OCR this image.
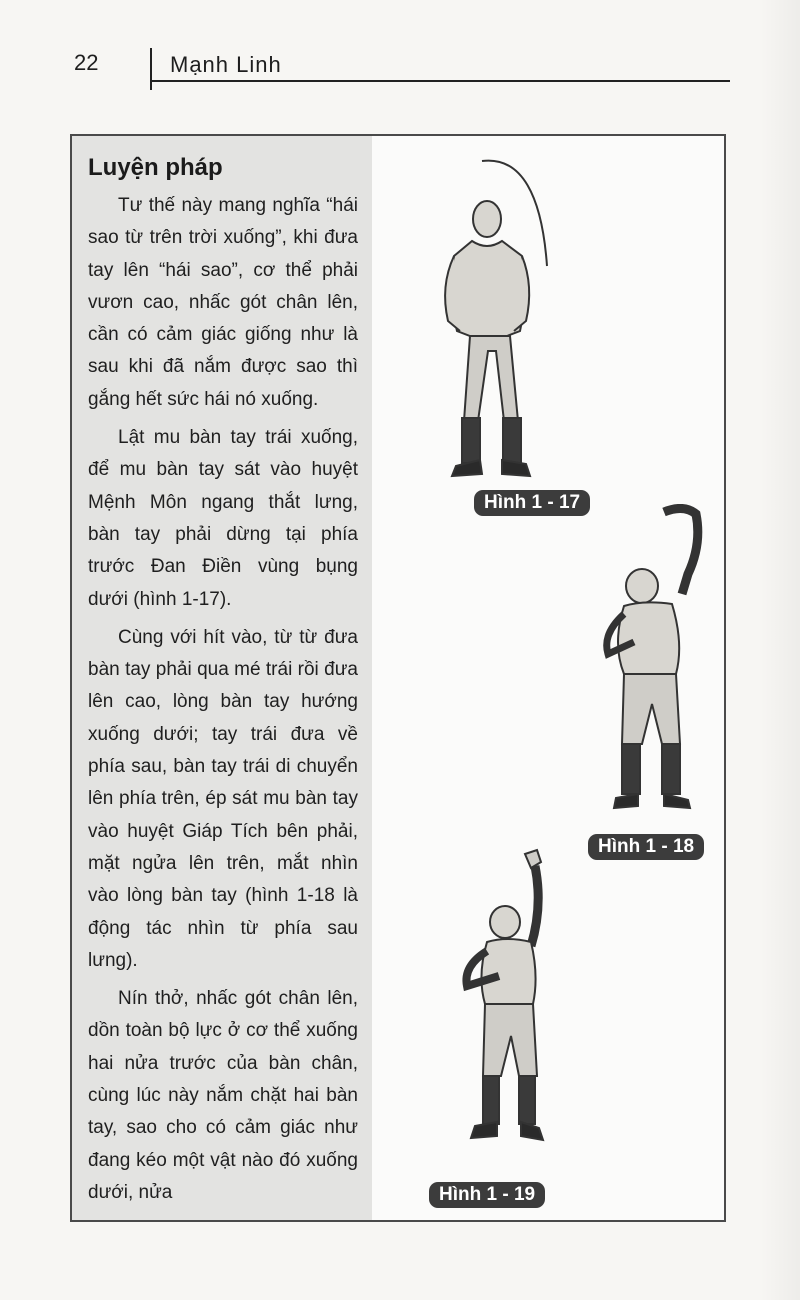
22	Mạnh Linh
Luyện pháp

Tư thế này mang nghĩa “hái sao từ trên trời xuống”, khi đưa tay lên “hái sao”, cơ thể phải vươn cao, nhấc gót chân lên, cần có cảm giác giống như là sau khi đã nắm được sao thì gắng hết sức hái nó xuống.

Lật mu bàn tay trái xuống, để mu bàn tay sát vào huyệt Mệnh Môn ngang thắt lưng, bàn tay phải dừng tại phía trước Đan Điền vùng bụng dưới (hình 1-17).

Cùng với hít vào, từ từ đưa bàn tay phải qua mé trái rồi đưa lên cao, lòng bàn tay hướng xuống dưới; tay trái đưa về phía sau, bàn tay trái di chuyển lên phía trên, ép sát mu bàn tay vào huyệt Giáp Tích bên phải, mặt ngửa lên trên, mắt nhìn vào lòng bàn tay (hình 1-18 là động tác nhìn từ phía sau lưng).

Nín thở, nhấc gót chân lên, dồn toàn bộ lực ở cơ thể xuống hai nửa trước của bàn chân, cùng lúc này nắm chặt hai bàn tay, sao cho có cảm giác như đang kéo một vật nào đó xuống dưới, nửa

Hình 1 - 17
Hình 1 - 18
Hình 1 - 19
